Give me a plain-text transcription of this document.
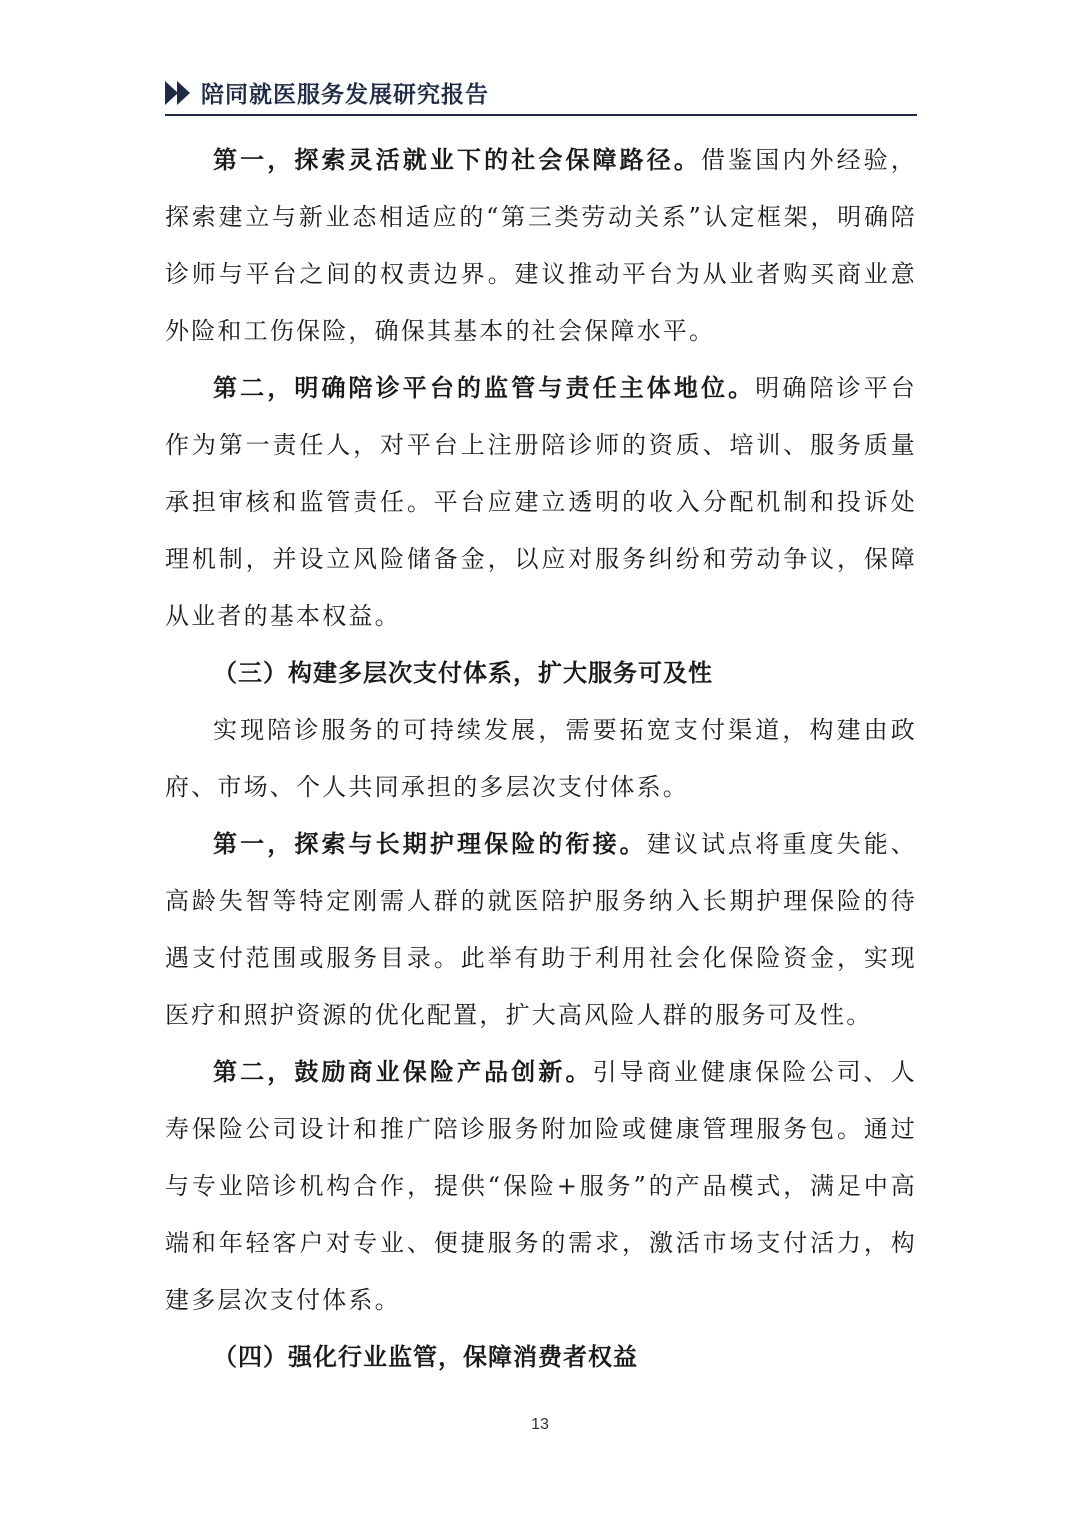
陪同就医服务发展研究报告

第一，探索灵活就业下的社会保障路径。借鉴国内外经验，探索建立与新业态相适应的“第三类劳动关系”认定框架，明确陪诊师与平台之间的权责边界。建议推动平台为从业者购买商业意外险和工伤保险，确保其基本的社会保障水平。

第二，明确陪诊平台的监管与责任主体地位。明确陪诊平台作为第一责任人，对平台上注册陪诊师的资质、培训、服务质量承担审核和监管责任。平台应建立透明的收入分配机制和投诉处理机制，并设立风险储备金，以应对服务纠纷和劳动争议，保障从业者的基本权益。

（三）构建多层次支付体系，扩大服务可及性

实现陪诊服务的可持续发展，需要拓宽支付渠道，构建由政府、市场、个人共同承担的多层次支付体系。

第一，探索与长期护理保险的衔接。建议试点将重度失能、高龄失智等特定刚需人群的就医陪护服务纳入长期护理保险的待遇支付范围或服务目录。此举有助于利用社会化保险资金，实现医疗和照护资源的优化配置，扩大高风险人群的服务可及性。

第二，鼓励商业保险产品创新。引导商业健康保险公司、人寿保险公司设计和推广陪诊服务附加险或健康管理服务包。通过与专业陪诊机构合作，提供“保险+服务”的产品模式，满足中高端和年轻客户对专业、便捷服务的需求，激活市场支付活力，构建多层次支付体系。

（四）强化行业监管，保障消费者权益

13
